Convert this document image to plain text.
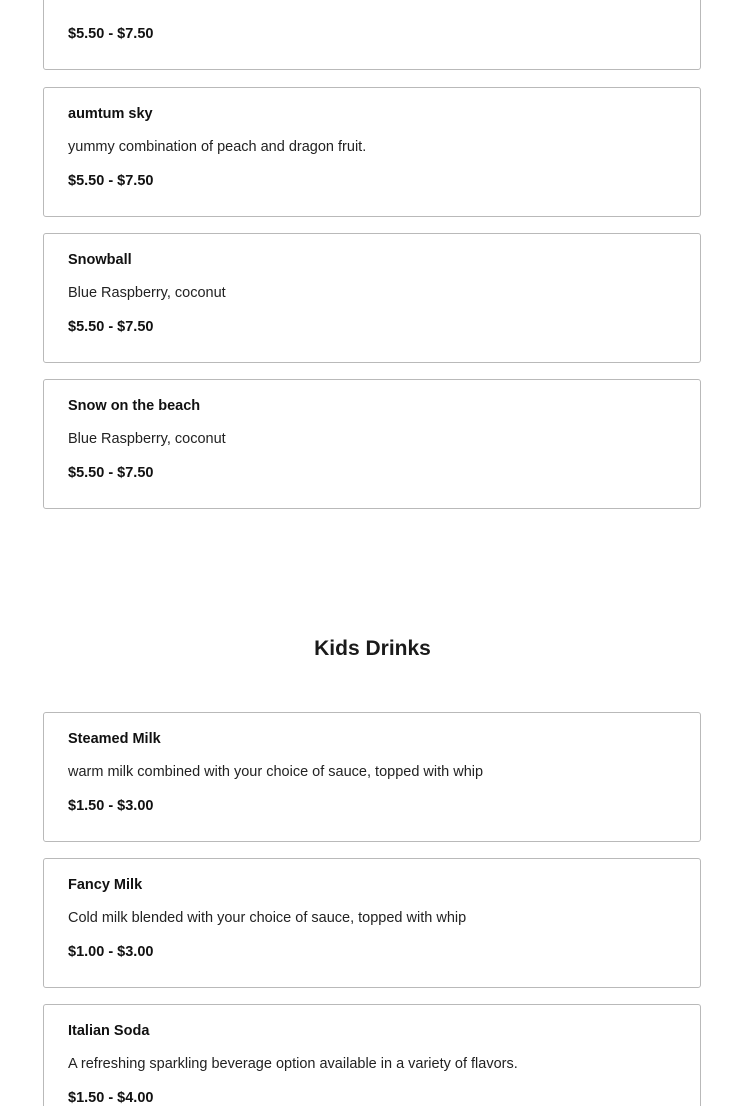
$5.50 - $7.50

aumtum sky

yummy combination of peach and dragon fruit.

$5.50 - $7.50

Snowball

Blue Raspberry, coconut

$5.50 - $7.50

Snow on the beach

Blue Raspberry, coconut

$5.50 - $7.50

Kids Drinks

Steamed Milk

warm milk combined with your choice of sauce, topped with whip

$1.50 - $3.00

Fancy Milk

Cold milk blended with your choice of sauce, topped with whip

$1.00 - $3.00

Italian Soda

A refreshing sparkling beverage option available in a variety of flavors.

$1.50 - $4.00
